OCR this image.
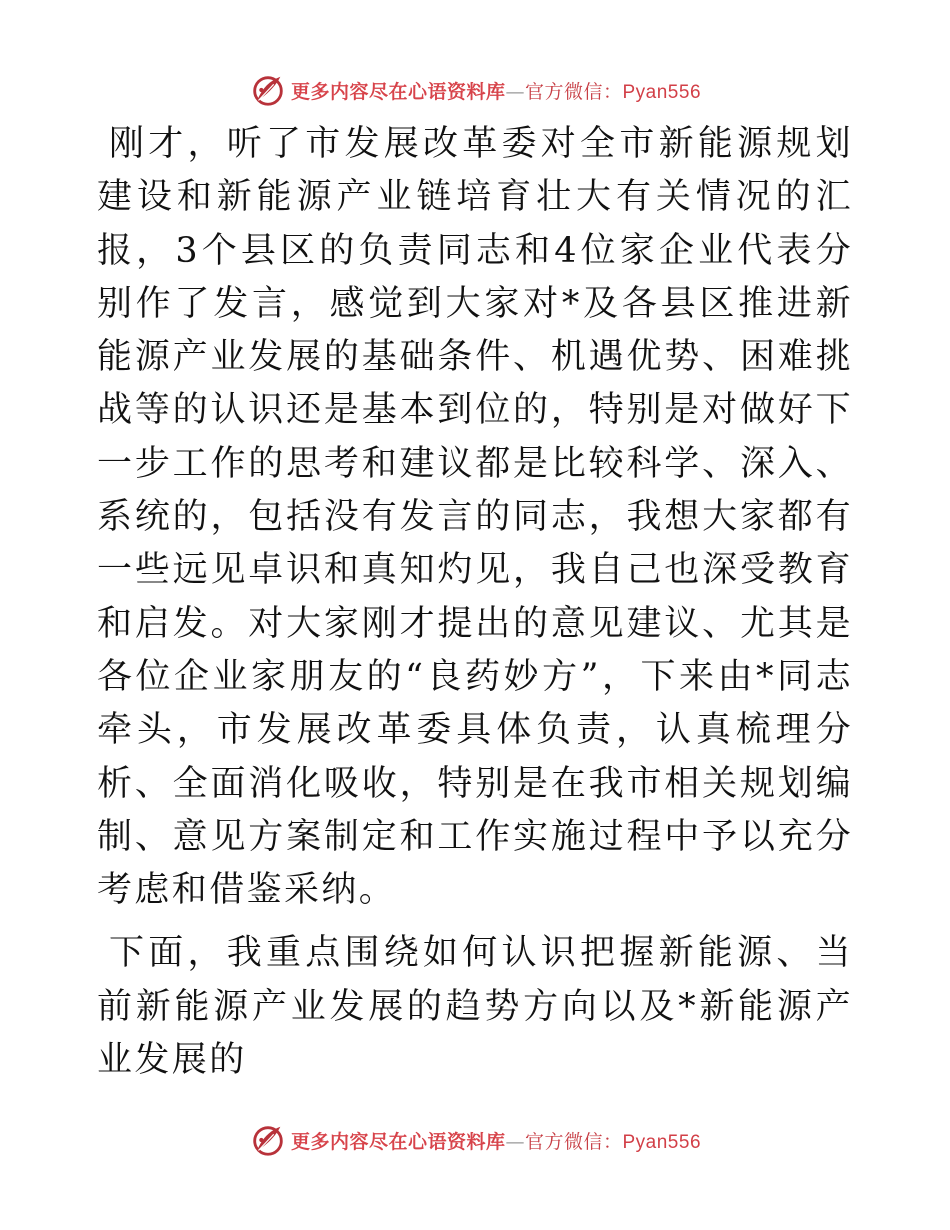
更多内容尽在心语资料库—官方微信：Pyan556

刚才，听了市发展改革委对全市新能源规划建设和新能源产业链培育壮大有关情况的汇报，3个县区的负责同志和4位家企业代表分别作了发言，感觉到大家对*及各县区推进新能源产业发展的基础条件、机遇优势、困难挑战等的认识还是基本到位的，特别是对做好下一步工作的思考和建议都是比较科学、深入、系统的，包括没有发言的同志，我想大家都有一些远见卓识和真知灼见，我自己也深受教育和启发。对大家刚才提出的意见建议、尤其是各位企业家朋友的“良药妙方”，下来由*同志牵头，市发展改革委具体负责，认真梳理分析、全面消化吸收，特别是在我市相关规划编制、意见方案制定和工作实施过程中予以充分考虑和借鉴采纳。

下面，我重点围绕如何认识把握新能源、当前新能源产业发展的趋势方向以及*新能源产业发展的

更多内容尽在心语资料库—官方微信：Pyan556
